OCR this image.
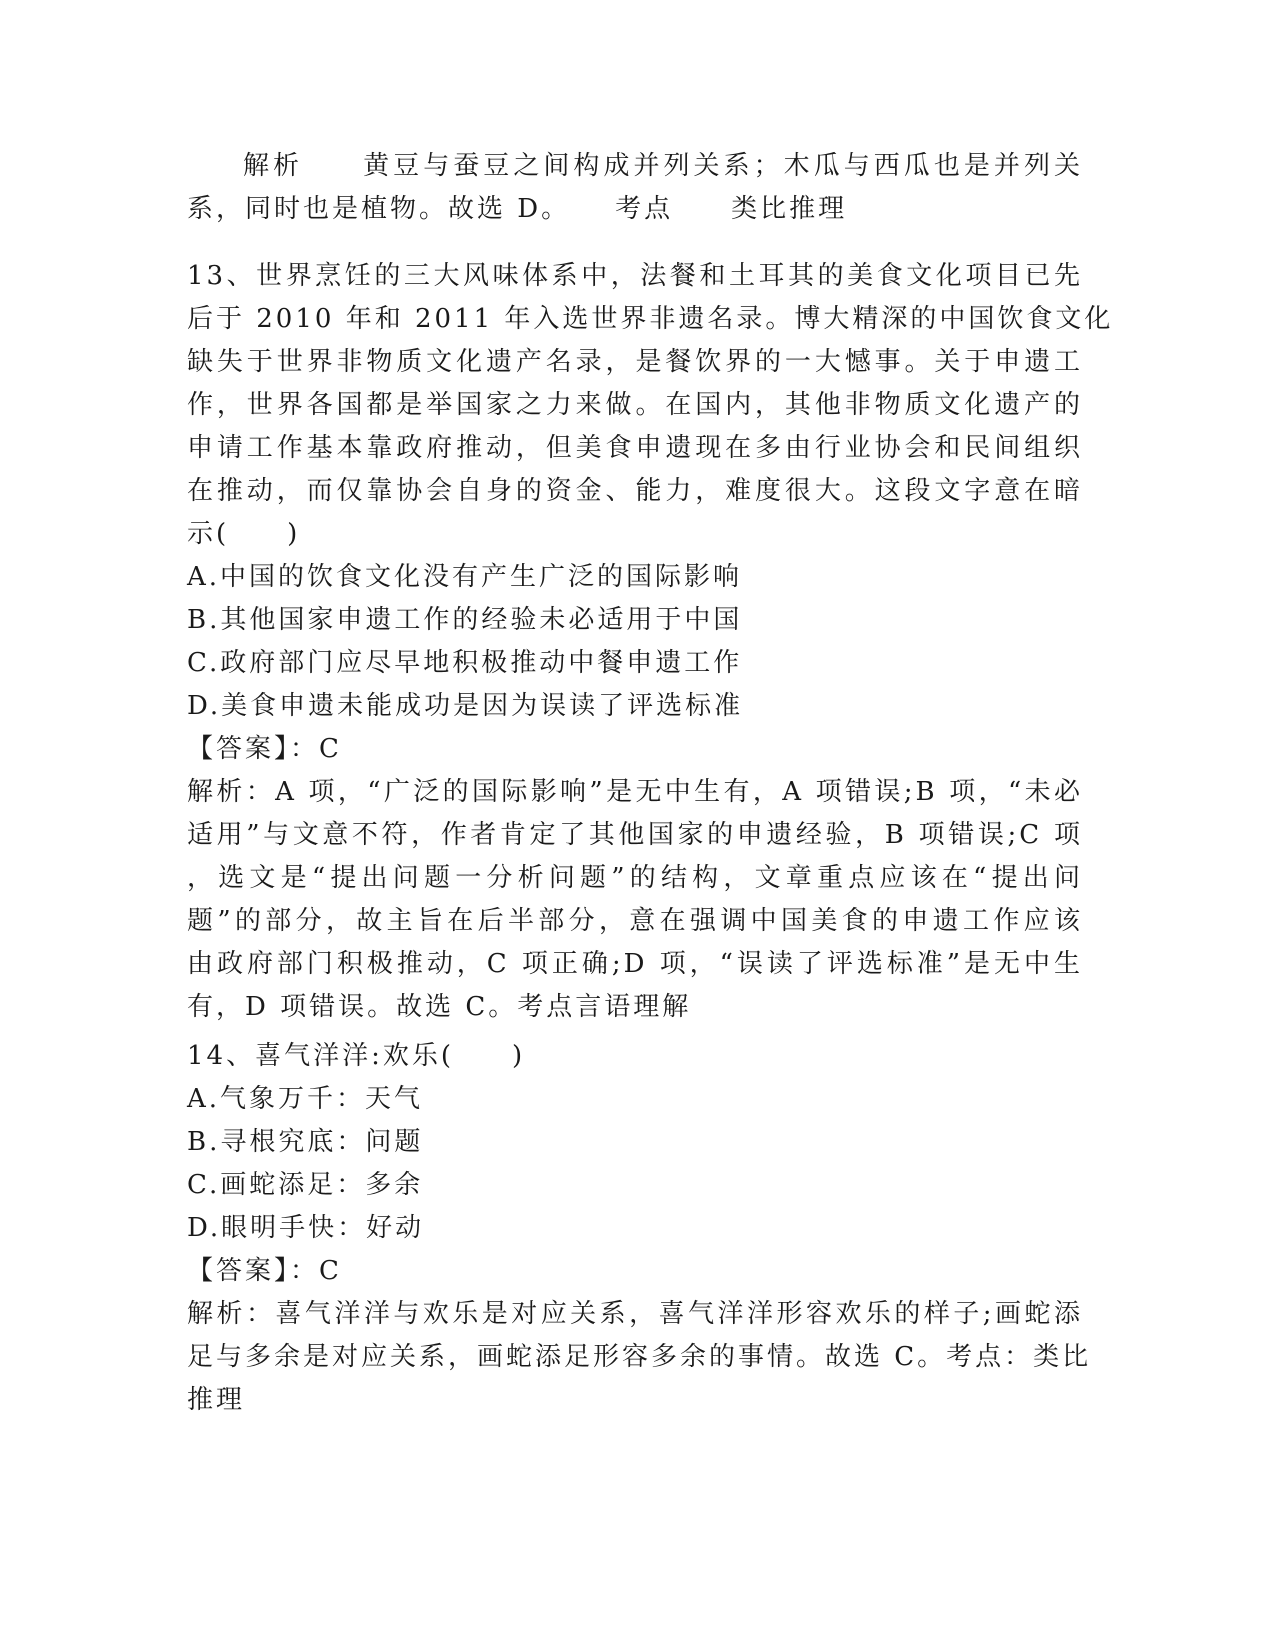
解析　　黄豆与蚕豆之间构成并列关系；木瓜与西瓜也是并列关
系，同时也是植物。故选 D。　　考点　　类比推理
13、世界烹饪的三大风味体系中，法餐和土耳其的美食文化项目已先
后于 2010 年和 2011 年入选世界非遗名录。博大精深的中国饮食文化
缺失于世界非物质文化遗产名录，是餐饮界的一大憾事。关于申遗工
作，世界各国都是举国家之力来做。在国内，其他非物质文化遗产的
申请工作基本靠政府推动，但美食申遗现在多由行业协会和民间组织
在推动，而仅靠协会自身的资金、能力，难度很大。这段文字意在暗
示(　　)
A.中国的饮食文化没有产生广泛的国际影响
B.其他国家申遗工作的经验未必适用于中国
C.政府部门应尽早地积极推动中餐申遗工作
D.美食申遗未能成功是因为误读了评选标准
【答案】：C
解析：A 项，“广泛的国际影响”是无中生有，A 项错误;B 项，“未必
适用”与文意不符，作者肯定了其他国家的申遗经验，B 项错误;C 项
，选文是“提出问题一分析问题”的结构，文章重点应该在“提出问
题”的部分，故主旨在后半部分，意在强调中国美食的申遗工作应该
由政府部门积极推动，C 项正确;D 项，“误读了评选标准”是无中生
有，D 项错误。故选 C。考点言语理解
14、喜气洋洋:欢乐(　　)
A.气象万千：天气
B.寻根究底：问题
C.画蛇添足：多余
D.眼明手快：好动
【答案】：C
解析：喜气洋洋与欢乐是对应关系，喜气洋洋形容欢乐的样子;画蛇添
足与多余是对应关系，画蛇添足形容多余的事情。故选 C。考点：类比
推理
